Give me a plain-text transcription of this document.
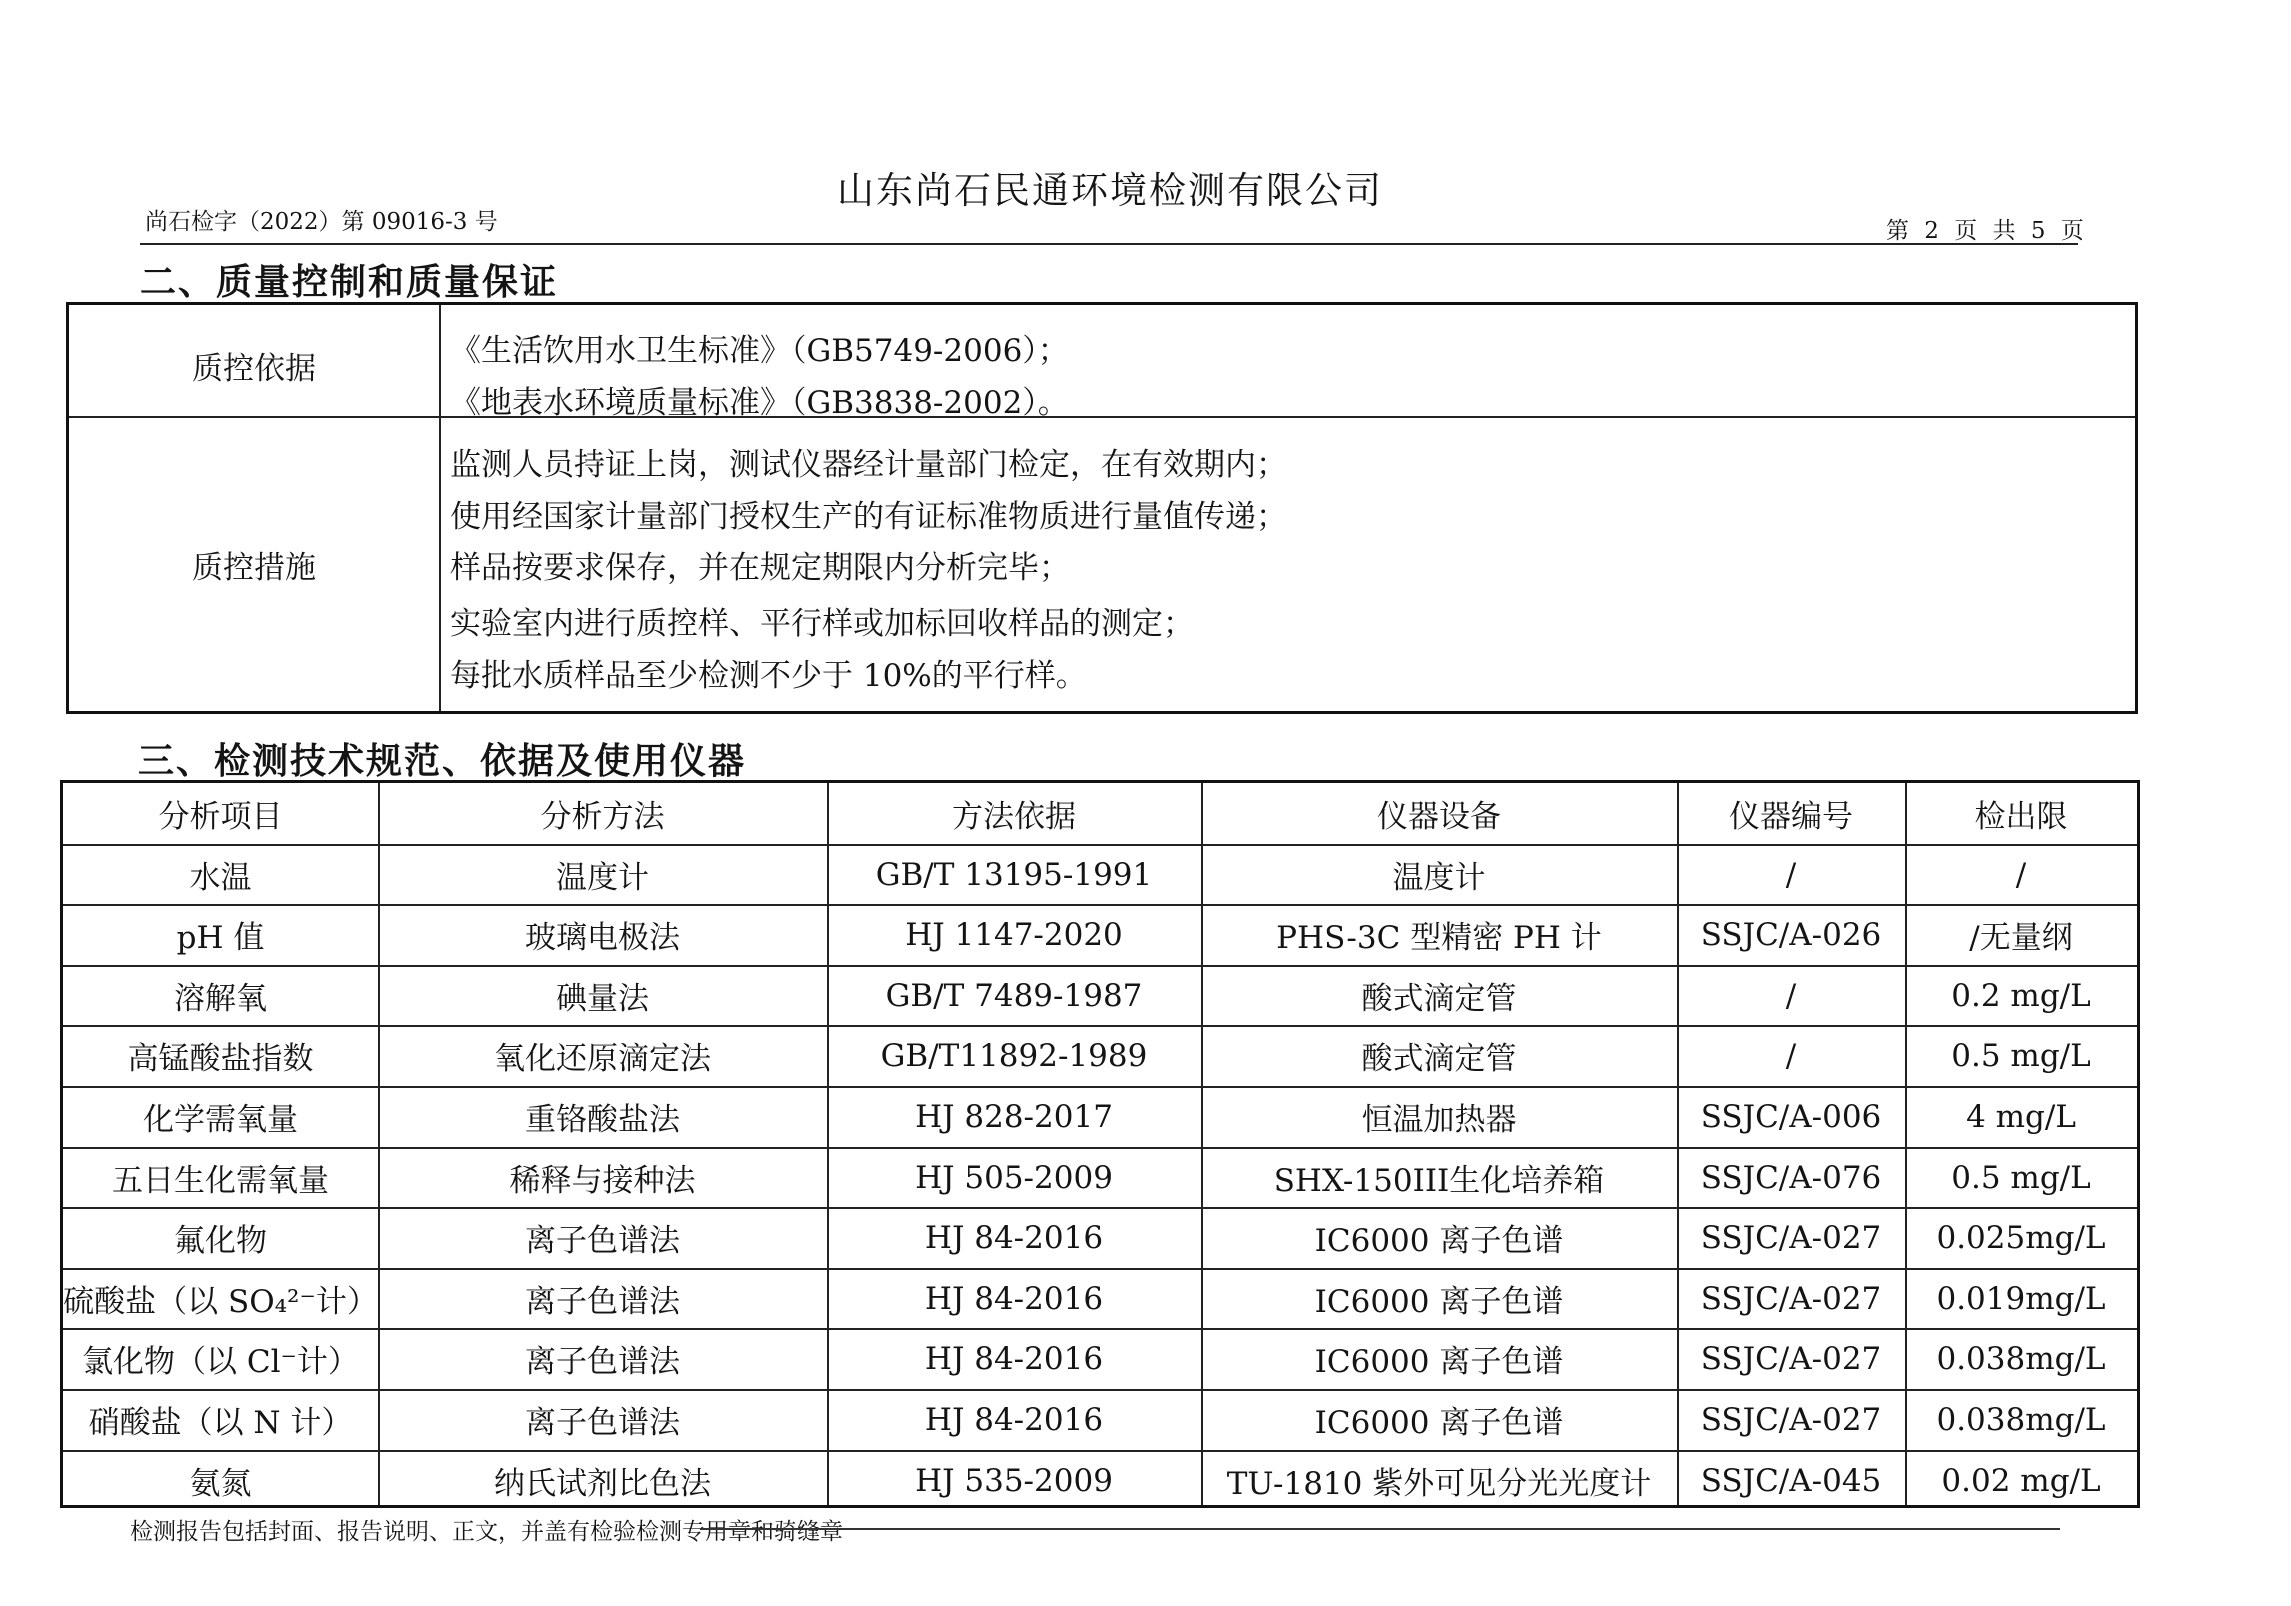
山东尚石民通环境检测有限公司
尚石检字（2022）第 09016-3 号	第 2 页 共 5 页
二、质量控制和质量保证
质控依据	《生活饮用水卫生标准》（GB5749-2006）；
《地表水环境质量标准》（GB3838-2002）。
质控措施
监测人员持证上岗，测试仪器经计量部门检定，在有效期内；
使用经国家计量部门授权生产的有证标准物质进行量值传递；
样品按要求保存，并在规定期限内分析完毕；
实验室内进行质控样、平行样或加标回收样品的测定；
每批水质样品至少检测不少于 10%的平行样。
三、检测技术规范、依据及使用仪器
分析项目	分析方法	方法依据	仪器设备	仪器编号	检出限
水温	温度计	GB/T 13195-1991	温度计	/	/
pH 值	玻璃电极法	HJ 1147-2020	PHS-3C 型精密 PH 计	SSJC/A-026	/无量纲
溶解氧	碘量法	GB/T 7489-1987	酸式滴定管	/	0.2 mg/L
高锰酸盐指数	氧化还原滴定法	GB/T11892-1989	酸式滴定管	/	0.5 mg/L
化学需氧量	重铬酸盐法	HJ 828-2017	恒温加热器	SSJC/A-006	4 mg/L
五日生化需氧量	稀释与接种法	HJ 505-2009	SHX-150III生化培养箱	SSJC/A-076	0.5 mg/L
氟化物	离子色谱法	HJ 84-2016	IC6000 离子色谱	SSJC/A-027	0.025mg/L
硫酸盐（以 SO₄²⁻计）	离子色谱法	HJ 84-2016	IC6000 离子色谱	SSJC/A-027	0.019mg/L
氯化物（以 Cl⁻计）	离子色谱法	HJ 84-2016	IC6000 离子色谱	SSJC/A-027	0.038mg/L
硝酸盐（以 N 计）	离子色谱法	HJ 84-2016	IC6000 离子色谱	SSJC/A-027	0.038mg/L
氨氮	纳氏试剂比色法	HJ 535-2009	TU-1810 紫外可见分光光度计	SSJC/A-045	0.02 mg/L
检测报告包括封面、报告说明、正文，并盖有检验检测专用章和骑缝章
